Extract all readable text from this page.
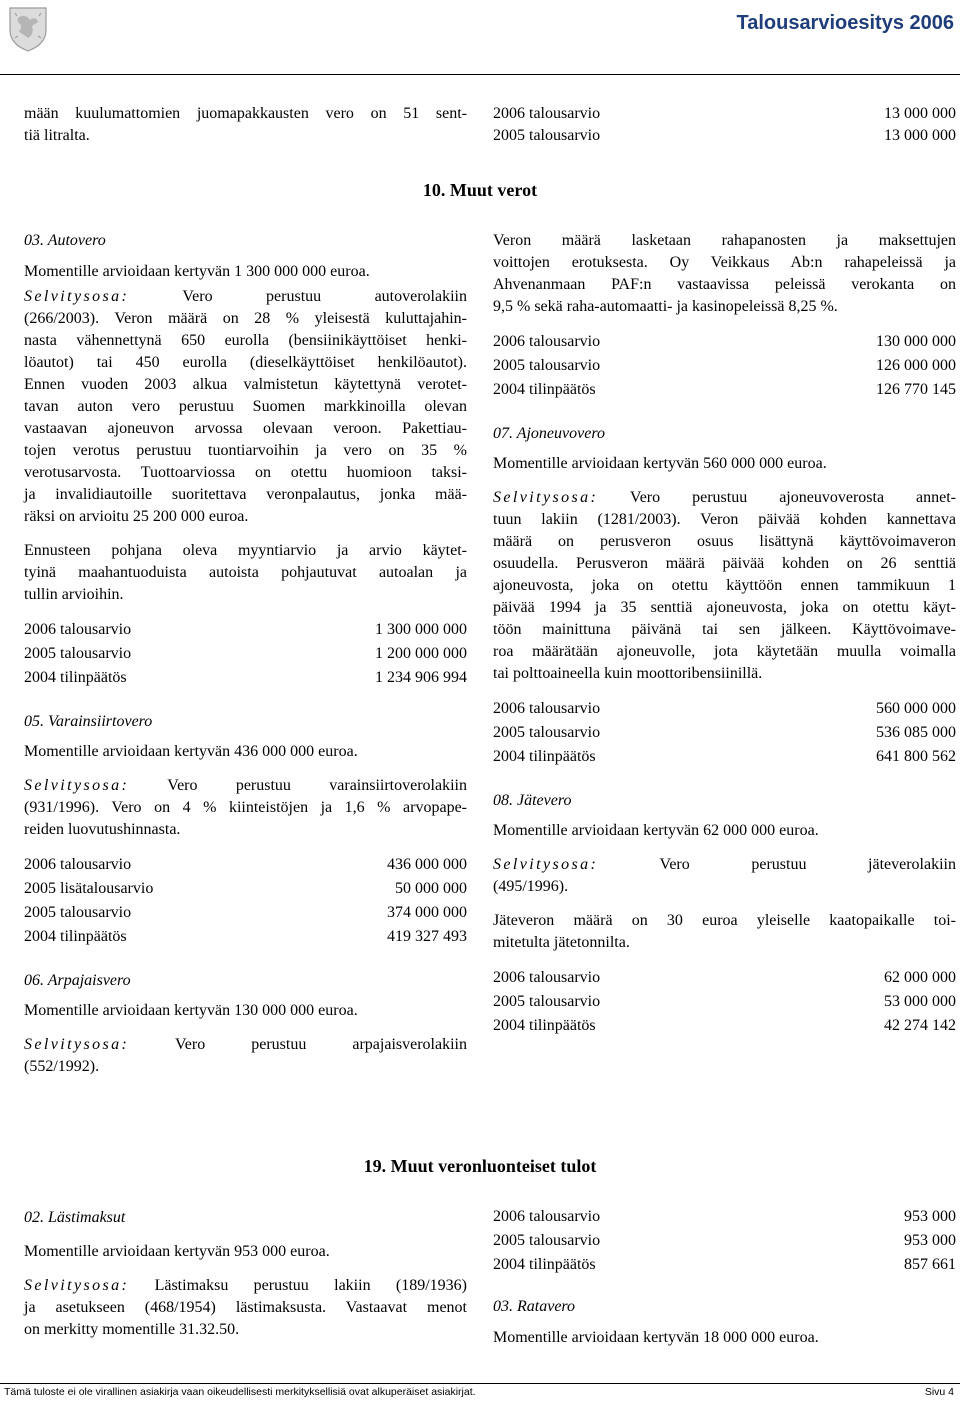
Talousarvioesitys 2006

mään kuulumattomien juomapakkausten vero on 51 sent-

tiä litralta.

2006 talousarvio	13 000 000
2005 talousarvio	13 000 000
10. Muut verot

03. Autovero

Momentille arvioidaan kertyvän 1 300 000 000 euroa.

Selvitysosa:	Vero perustuu autoverolakiin

(266/2003). Veron määrä on 28 % yleisestä kuluttajahin-

nasta vähennettynä 650 eurolla (bensiinikäyttöiset henki-

löautot) tai 450 eurolla (dieselkäyttöiset henkilöautot).

Ennen vuoden 2003 alkua valmistetun käytettynä verotet-

tavan auton vero perustuu Suomen markkinoilla olevan

vastaavan ajoneuvon arvossa olevaan veroon. Pakettiau-

tojen verotus perustuu tuontiarvoihin ja vero on 35 %

verotusarvosta. Tuottoarviossa on otettu huomioon taksi-

ja invalidiautoille suoritettava veronpalautus, jonka mää-

räksi on arvioitu 25 200 000 euroa.

Ennusteen pohjana oleva myyntiarvio ja arvio käytet-

tyinä maahantuoduista autoista pohjautuvat autoalan ja

tullin arvioihin.

2006 talousarvio	1 300 000 000
2005 talousarvio	1 200 000 000
2004 tilinpäätös	1 234 906 994

05. Varainsiirtovero

Momentille arvioidaan kertyvän 436 000 000 euroa.

Selvitysosa: Vero perustuu varainsiirtoverolakiin

(931/1996). Vero on 4 % kiinteistöjen ja 1,6 % arvopape-

reiden luovutushinnasta.

2006 talousarvio	436 000 000
2005 lisätalousarvio	50 000 000
2005 talousarvio	374 000 000
2004 tilinpäätös	419 327 493

06. Arpajaisvero

Momentille arvioidaan kertyvän 130 000 000 euroa.

Selvitysosa:	Vero perustuu arpajaisverolakiin

(552/1992).

Veron määrä lasketaan rahapanosten ja maksettujen

voittojen erotuksesta. Oy Veikkaus Ab:n rahapeleissä ja

Ahvenanmaan PAF:n vastaavissa peleissä verokanta on

9,5 % sekä raha-automaatti- ja kasinopeleissä 8,25 %.

2006 talousarvio	130 000 000
2005 talousarvio	126 000 000
2004 tilinpäätös	126 770 145

07. Ajoneuvovero

Momentille arvioidaan kertyvän 560 000 000 euroa.

Selvitysosa: Vero perustuu ajoneuvoverosta annet-

tuun lakiin (1281/2003). Veron päivää kohden kannettava

määrä on perusveron osuus lisättynä käyttövoimaveron

osuudella. Perusveron määrä päivää kohden on 26 senttiä

ajoneuvosta, joka on otettu käyttöön ennen tammikuun 1

päivää 1994 ja 35 senttiä ajoneuvosta, joka on otettu käyt-

töön mainittuna päivänä tai sen jälkeen. Käyttövoimave-

roa määrätään ajoneuvolle, jota käytetään muulla voimalla

tai polttoaineella kuin moottoribensiinillä.

2006 talousarvio	560 000 000
2005 talousarvio	536 085 000
2004 tilinpäätös	641 800 562

08. Jätevero

Momentille arvioidaan kertyvän 62 000 000 euroa.

Selvitysosa:	Vero perustuu jäteverolakiin

(495/1996).

Jäteveron määrä on 30 euroa yleiselle kaatopaikalle toi-

mitetulta jätetonnilta.

2006 talousarvio	62 000 000
2005 talousarvio	53 000 000
2004 tilinpäätös	42 274 142
19. Muut veronluonteiset tulot

02. Lästimaksut

Momentille arvioidaan kertyvän 953 000 euroa.

Selvitysosa: Lästimaksu perustuu lakiin (189/1936)

ja asetukseen (468/1954) lästimaksusta. Vastaavat menot

on merkitty momentille 31.32.50.

2006 talousarvio	953 000
2005 talousarvio	953 000
2004 tilinpäätös	857 661

03. Ratavero

Momentille arvioidaan kertyvän 18 000 000 euroa.

Tämä tuloste ei ole virallinen asiakirja vaan oikeudellisesti merkityksellisiä ovat alkuperäiset asiakirjat.	Sivu 4
